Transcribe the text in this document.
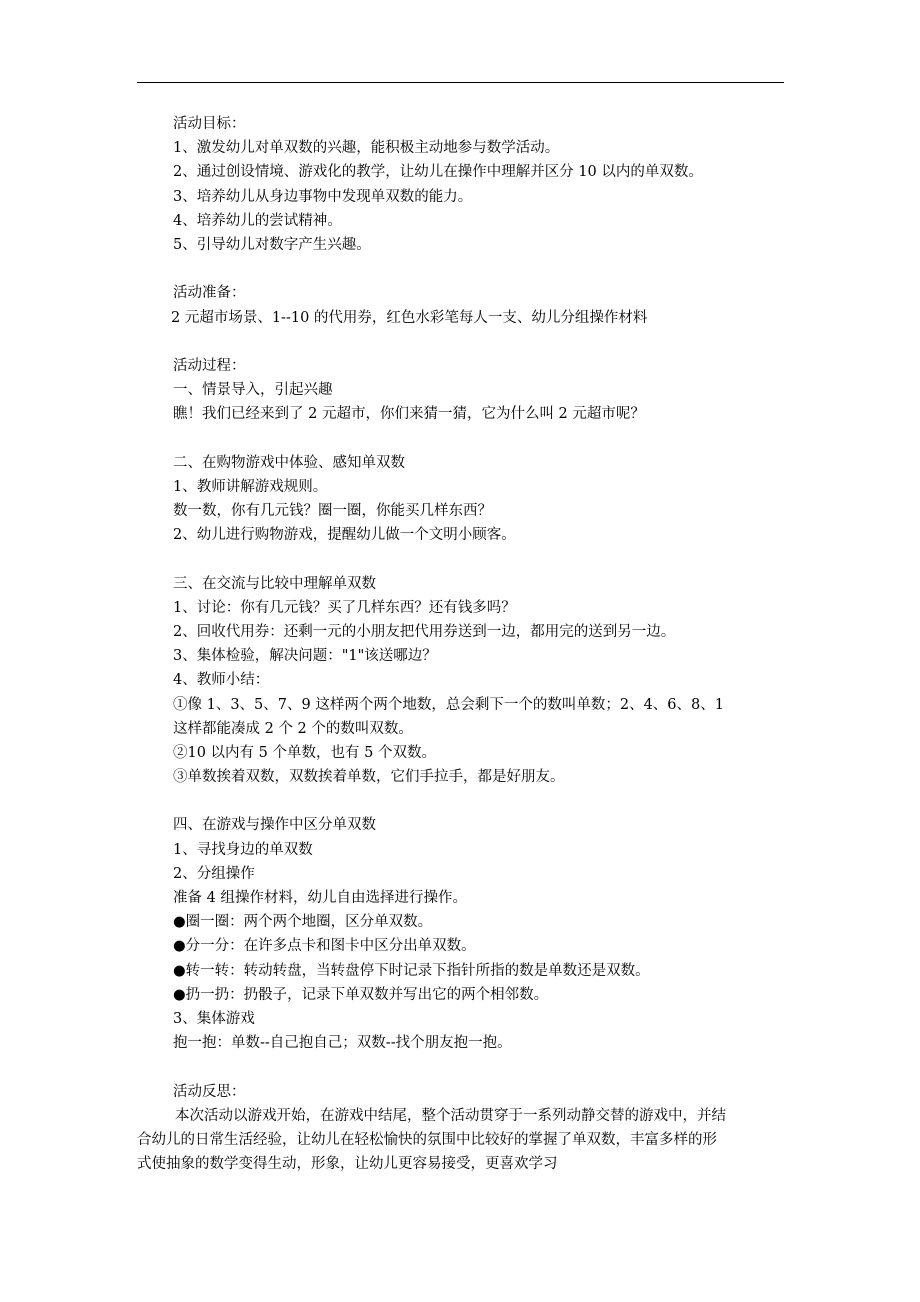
活动目标：
1、激发幼儿对单双数的兴趣，能积极主动地参与数学活动。
2、通过创设情境、游戏化的教学，让幼儿在操作中理解并区分 10 以内的单双数。
3、培养幼儿从身边事物中发现单双数的能力。
4、培养幼儿的尝试精神。
5、引导幼儿对数字产生兴趣。
活动准备：
2 元超市场景、1--10 的代用券，红色水彩笔每人一支、幼儿分组操作材料
活动过程：
一、情景导入，引起兴趣
瞧！我们已经来到了 2 元超市，你们来猜一猜，它为什么叫 2 元超市呢？
二、在购物游戏中体验、感知单双数
1、教师讲解游戏规则。
数一数，你有几元钱？圈一圈，你能买几样东西？
2、幼儿进行购物游戏，提醒幼儿做一个文明小顾客。
三、在交流与比较中理解单双数
1、讨论：你有几元钱？买了几样东西？还有钱多吗？
2、回收代用券：还剩一元的小朋友把代用券送到一边，都用完的送到另一边。
3、集体检验，解决问题："1"该送哪边？
4、教师小结：
①像 1、3、5、7、9 这样两个两个地数，总会剩下一个的数叫单数；2、4、6、8、1
这样都能凑成 2 个 2 个的数叫双数。
②10 以内有 5 个单数，也有 5 个双数。
③单数挨着双数，双数挨着单数，它们手拉手，都是好朋友。
四、在游戏与操作中区分单双数
1、寻找身边的单双数
2、分组操作
准备 4 组操作材料，幼儿自由选择进行操作。
●圈一圈：两个两个地圈，区分单双数。
●分一分：在许多点卡和图卡中区分出单双数。
●转一转：转动转盘，当转盘停下时记录下指针所指的数是单数还是双数。
●扔一扔：扔骰子，记录下单双数并写出它的两个相邻数。
3、集体游戏
抱一抱：单数--自己抱自己；双数--找个朋友抱一抱。
活动反思：
本次活动以游戏开始，在游戏中结尾，整个活动贯穿于一系列动静交替的游戏中，并结
合幼儿的日常生活经验，让幼儿在轻松愉快的氛围中比较好的掌握了单双数，丰富多样的形
式使抽象的数学变得生动，形象，让幼儿更容易接受，更喜欢学习
